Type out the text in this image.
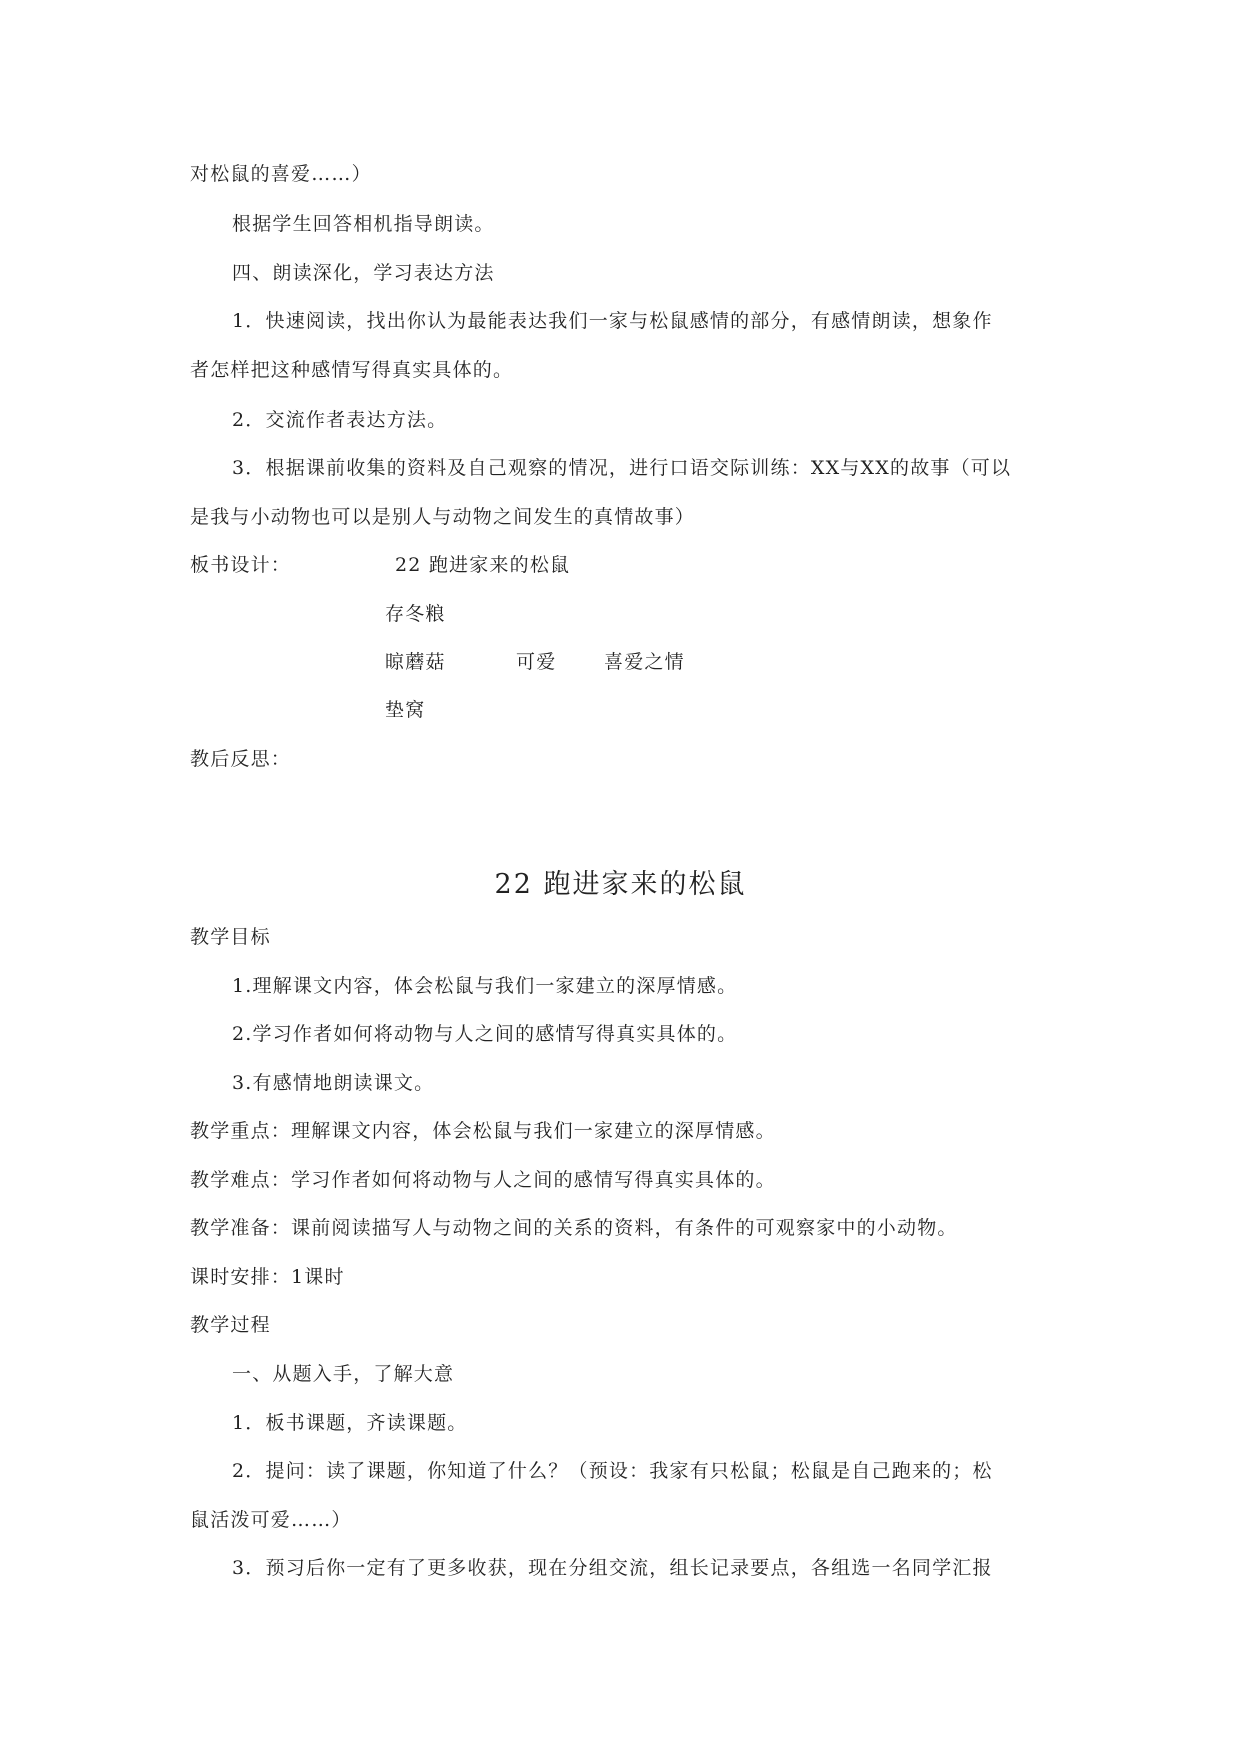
对松鼠的喜爱……）
根据学生回答相机指导朗读。
四、朗读深化，学习表达方法
1．快速阅读，找出你认为最能表达我们一家与松鼠感情的部分，有感情朗读，想象作
者怎样把这种感情写得真实具体的。
2．交流作者表达方法。
3．根据课前收集的资料及自己观察的情况，进行口语交际训练：XX与XX的故事（可以
是我与小动物也可以是别人与动物之间发生的真情故事）
板书设计：	22 跑进家来的松鼠
存冬粮
晾蘑菇	可爱	喜爱之情
垫窝
教后反思：
22 跑进家来的松鼠
教学目标
1.理解课文内容，体会松鼠与我们一家建立的深厚情感。
2.学习作者如何将动物与人之间的感情写得真实具体的。
3.有感情地朗读课文。
教学重点：理解课文内容，体会松鼠与我们一家建立的深厚情感。
教学难点：学习作者如何将动物与人之间的感情写得真实具体的。
教学准备：课前阅读描写人与动物之间的关系的资料，有条件的可观察家中的小动物。
课时安排：1课时
教学过程
一、从题入手，了解大意
1．板书课题，齐读课题。
2．提问：读了课题，你知道了什么？（预设：我家有只松鼠；松鼠是自己跑来的；松
鼠活泼可爱……）
3．预习后你一定有了更多收获，现在分组交流，组长记录要点，各组选一名同学汇报
